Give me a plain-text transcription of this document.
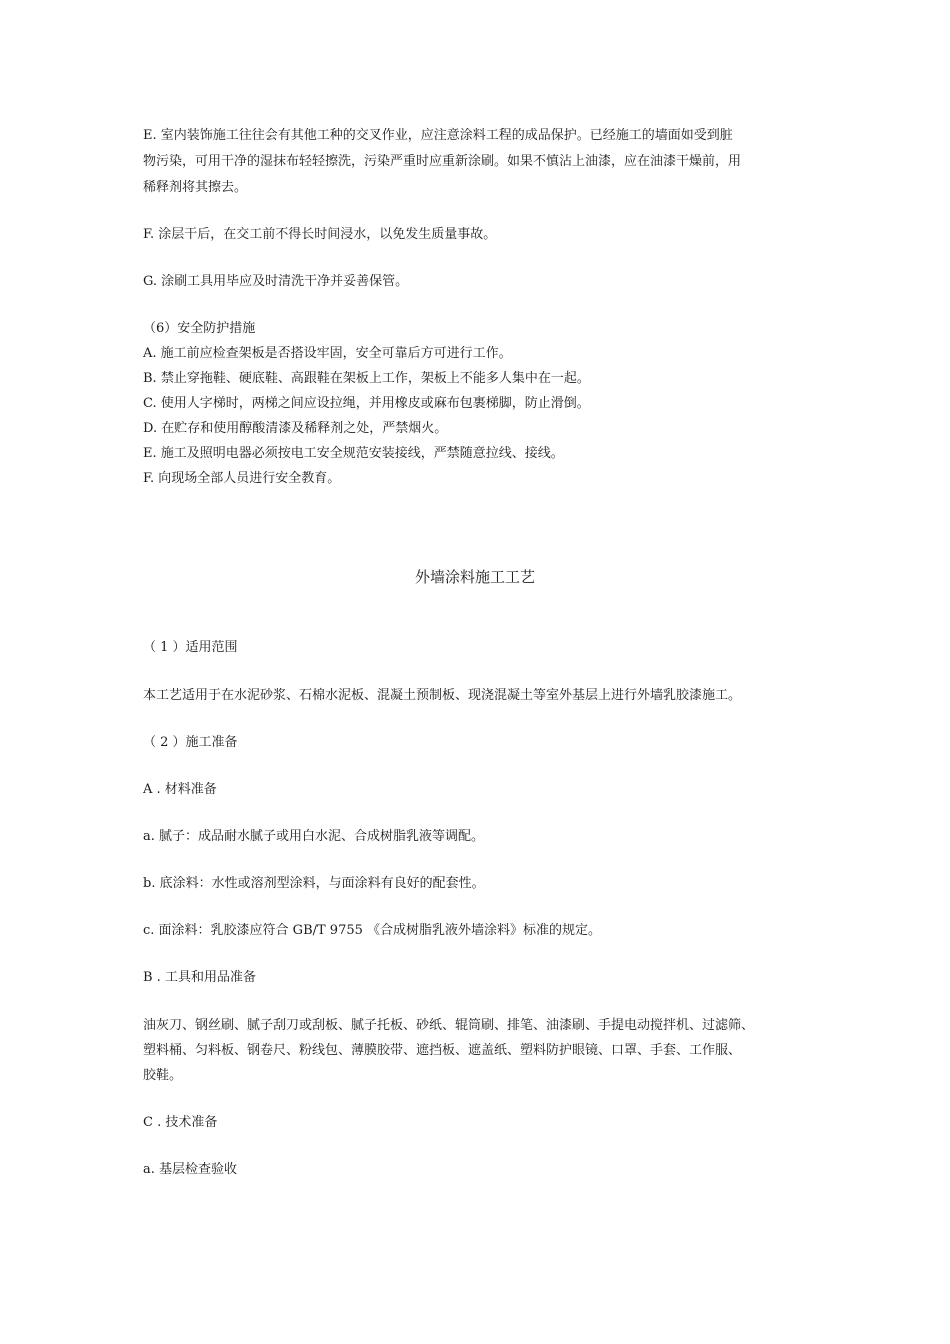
E. 室内装饰施工往往会有其他工种的交叉作业，应注意涂料工程的成品保护。已经施工的墙面如受到脏
物污染，可用干净的湿抹布轻轻擦洗，污染严重时应重新涂刷。如果不慎沾上油漆，应在油漆干燥前，用
稀释剂将其擦去。
F. 涂层干后，在交工前不得长时间浸水，以免发生质量事故。
G. 涂刷工具用毕应及时清洗干净并妥善保管。
（6）安全防护措施
A. 施工前应检查架板是否搭设牢固，安全可靠后方可进行工作。
B. 禁止穿拖鞋、硬底鞋、高跟鞋在架板上工作，架板上不能多人集中在一起。
C. 使用人字梯时，两梯之间应设拉绳，并用橡皮或麻布包裹梯脚，防止滑倒。
D. 在贮存和使用醇酸清漆及稀释剂之处，严禁烟火。
E. 施工及照明电器必须按电工安全规范安装接线，严禁随意拉线、接线。
F. 向现场全部人员进行安全教育。
外墙涂料施工工艺
（ 1 ）适用范围
本工艺适用于在水泥砂浆、石棉水泥板、混凝土预制板、现浇混凝土等室外基层上进行外墙乳胶漆施工。
（ 2 ）施工准备
A . 材料准备
a. 腻子：成品耐水腻子或用白水泥、合成树脂乳液等调配。
b. 底涂料：水性或溶剂型涂料，与面涂料有良好的配套性。
c. 面涂料：乳胶漆应符合 GB/T 9755 《合成树脂乳液外墙涂料》标准的规定。
B . 工具和用品准备
油灰刀、钢丝刷、腻子刮刀或刮板、腻子托板、砂纸、辊筒刷、排笔、油漆刷、手提电动搅拌机、过滤筛、
塑料桶、匀料板、钢卷尺、粉线包、薄膜胶带、遮挡板、遮盖纸、塑料防护眼镜、口罩、手套、工作服、
胶鞋。
C . 技术准备
a. 基层检查验收
